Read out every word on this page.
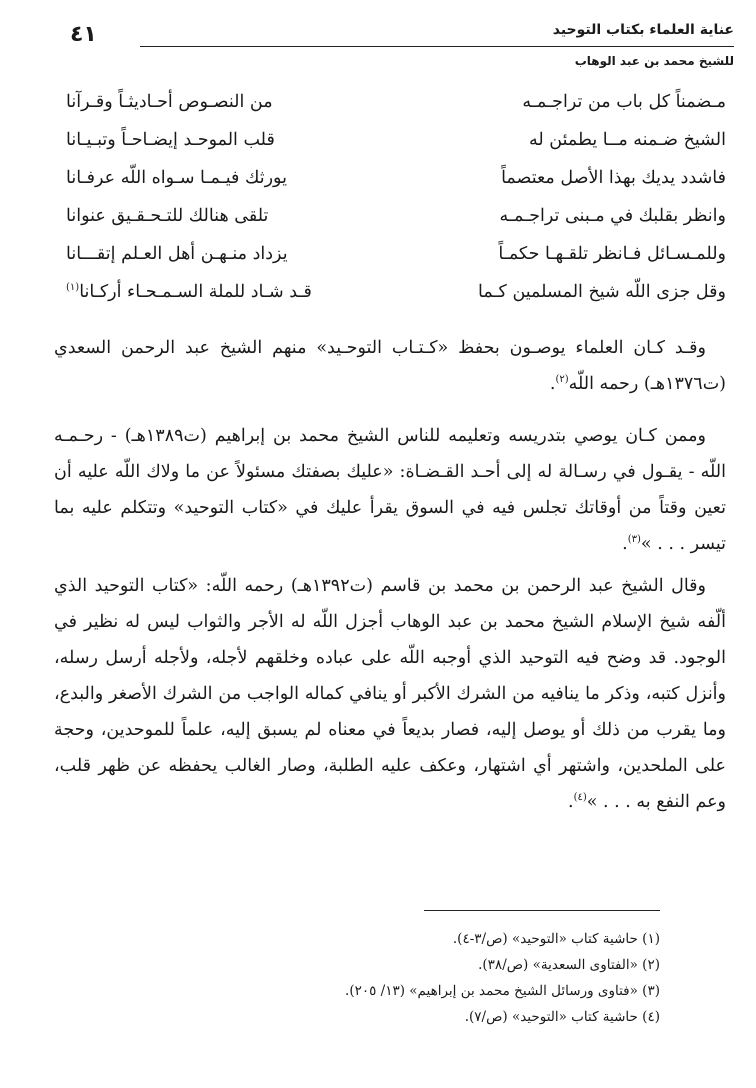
عناية العلماء بكتاب التوحيد
للشيخ محمد بن عبد الوهاب
٤١
مـضمناً كل باب من تراجـمـه
من النصـوص أحـاديثـاً وقـرآنا
الشيخ ضـمنه مــا يطمئن له
قلب الموحـد إيضـاحـاً وتبـيـانا
فاشدد يديك بهذا الأصل معتصماً
يورثك فيـمـا سـواه اللّه عرفـانا
وانظر بقلبك في مـبنى تراجـمـه
تلقى هنالك للتـحـقـيق عنوانا
وللمـسـائل فـانظر تلقـهـا حكمـاً
يزداد منـهـن أهل العـلم إتقـــانا
وقل جزى اللّه شيخ المسلمين كـما
قـد شـاد للملة السـمـحـاء أركـانا$^{(١)}$

وقـد كـان العلماء يوصـون بحفظ «كـتـاب التوحـيد» منهم الشيخ عبد الرحمن السعدي (ت١٣٧٦هـ) رحمه اللّه$^{(٢)}$.

وممن كـان يوصي بتدريسه وتعليمه للناس الشيخ محمد بن إبراهيم (ت١٣٨٩هـ) - رحـمـه اللّه - يقـول في رسـالة له إلى أحـد القـضـاة: «عليك بصفتك مسئولاً عن ما ولاك اللّه عليه أن تعين وقتاً من أوقاتك تجلس فيه في السوق يقرأ عليك في «كتاب التوحيد» وتتكلم عليه بما تيسر . . . »$^{(٣)}$.

وقال الشيخ عبد الرحمن بن محمد بن قاسم (ت١٣٩٢هـ) رحمه اللّه: «كتاب التوحيد الذي ألّفه شيخ الإسلام الشيخ محمد بن عبد الوهاب أجزل اللّه له الأجر والثواب ليس له نظير في الوجود. قد وضح فيه التوحيد الذي أوجبه اللّه على عباده وخلقهم لأجله، ولأجله أرسل رسله، وأنزل كتبه، وذكر ما ينافيه من الشرك الأكبر أو ينافي كماله الواجب من الشرك الأصغر والبدع، وما يقرب من ذلك أو يوصل إليه، فصار بديعاً في معناه لم يسبق إليه، علماً للموحدين، وحجة على الملحدين، واشتهر أي اشتهار، وعكف عليه الطلبة، وصار الغالب يحفظه عن ظهر قلب، وعم النفع به . . . »$^{(٤)}$.

(١) حاشية كتاب «التوحيد» (ص/٣-٤).
(٢) «الفتاوى السعدية» (ص/٣٨).
(٣) «فتاوى ورسائل الشيخ محمد بن إبراهيم» (١٣/ ٢٠٥).
(٤) حاشية كتاب «التوحيد» (ص/٧).
